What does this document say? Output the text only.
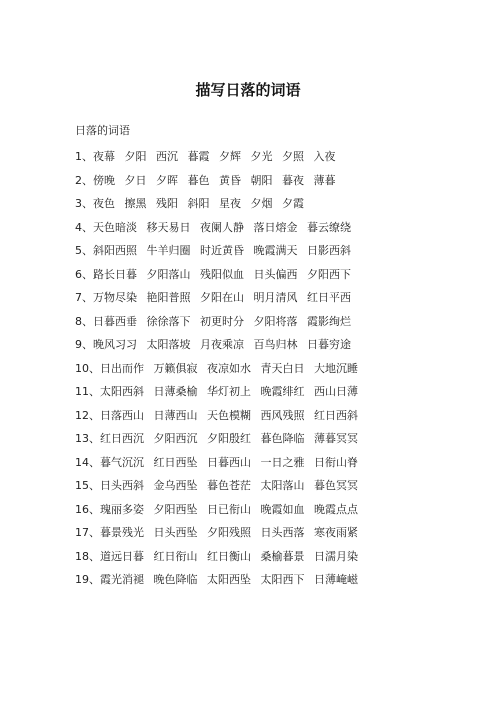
描写日落的词语
日落的词语
1、夜幕 夕阳 西沉 暮霞 夕辉 夕光 夕照 入夜
2、傍晚 夕日 夕晖 暮色 黄昏 朝阳 暮夜 薄暮
3、夜色 擦黑 残阳 斜阳 星夜 夕烟 夕霞
4、天色暗淡 移天易日 夜阑人静 落日熔金 暮云缭绕
5、斜阳西照 牛羊归圈 时近黄昏 晚霞满天 日影西斜
6、路长日暮 夕阳落山 残阳似血 日头偏西 夕阳西下
7、万物尽染 艳阳普照 夕阳在山 明月清风 红日平西
8、日暮西垂 徐徐落下 初更时分 夕阳将落 霞影绚烂
9、晚风习习 太阳落坡 月夜乘凉 百鸟归林 日暮穷途
10、日出而作 万籁俱寂 夜凉如水 青天白日 大地沉睡
11、太阳西斜 日薄桑榆 华灯初上 晚霞绯红 西山日薄
12、日落西山 日薄西山 天色模糊 西风残照 红日西斜
13、红日西沉 夕阳西沉 夕阳殷红 暮色降临 薄暮冥冥
14、暮气沉沉 红日西坠 日暮西山 一日之雅 日衔山脊
15、日头西斜 金乌西坠 暮色苍茫 太阳落山 暮色冥冥
16、瑰丽多姿 夕阳西坠 日已衔山 晚霞如血 晚霞点点
17、暮景残光 日头西坠 夕阳残照 日头西落 寒夜雨紧
18、道远日暮 红日衔山 红日衡山 桑榆暮景 日濡月染
19、霞光消褪 晚色降临 太阳西坠 太阳西下 日薄崦嵫
